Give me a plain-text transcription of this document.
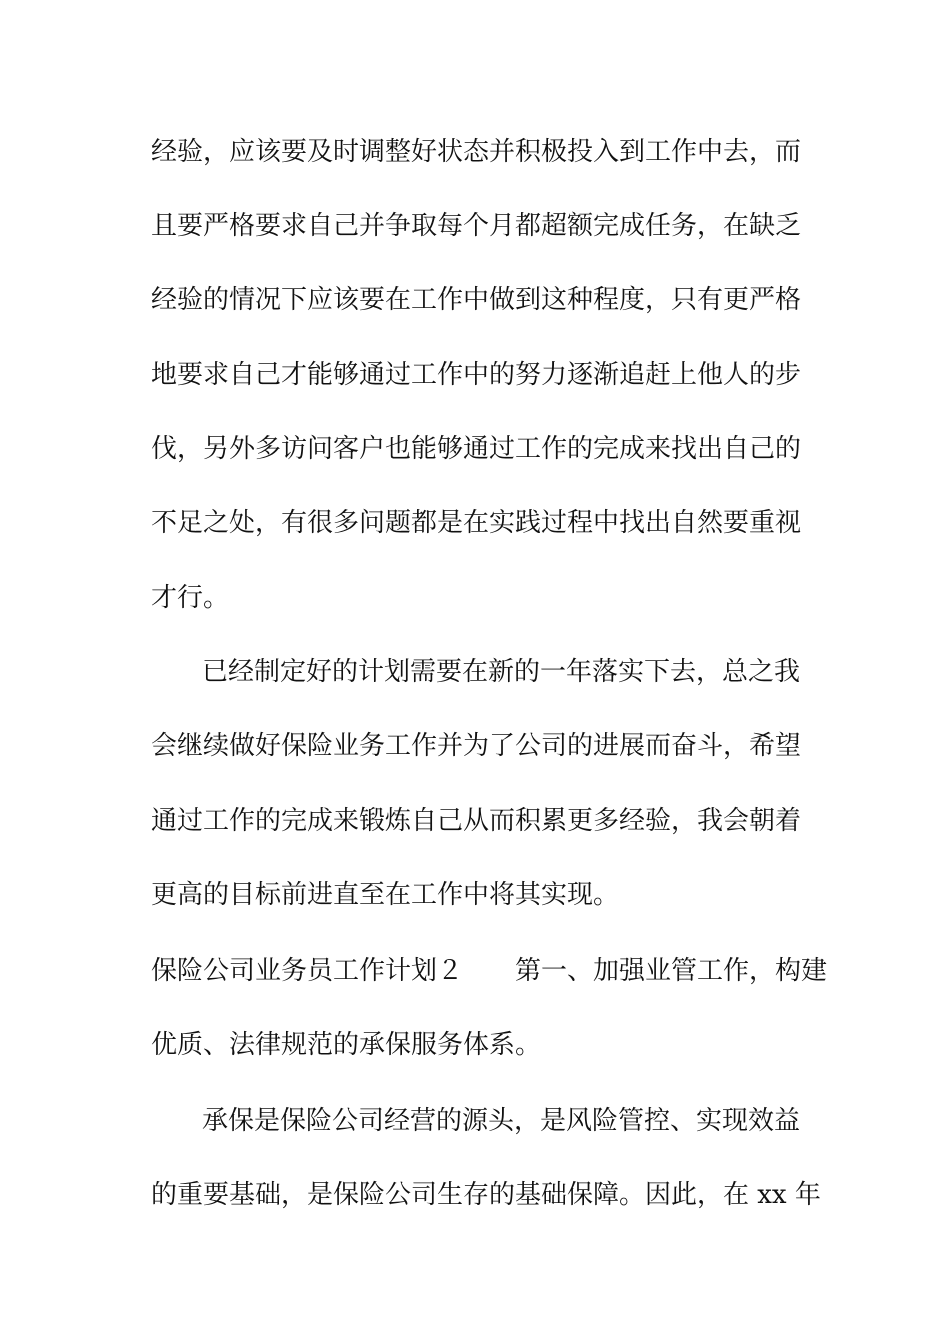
经验，应该要及时调整好状态并积极投入到工作中去，而
且要严格要求自己并争取每个月都超额完成任务，在缺乏
经验的情况下应该要在工作中做到这种程度，只有更严格
地要求自己才能够通过工作中的努力逐渐追赶上他人的步
伐，另外多访问客户也能够通过工作的完成来找出自己的
不足之处，有很多问题都是在实践过程中找出自然要重视
才行。
已经制定好的计划需要在新的一年落实下去，总之我
会继续做好保险业务工作并为了公司的进展而奋斗，希望
通过工作的完成来锻炼自己从而积累更多经验，我会朝着
更高的目标前进直至在工作中将其实现。
保险公司业务员工作计划２ 第一、加强业管工作，构建
优质、法律规范的承保服务体系。
承保是保险公司经营的源头，是风险管控、实现效益
的重要基础，是保险公司生存的基础保障。因此，在 xx 年
